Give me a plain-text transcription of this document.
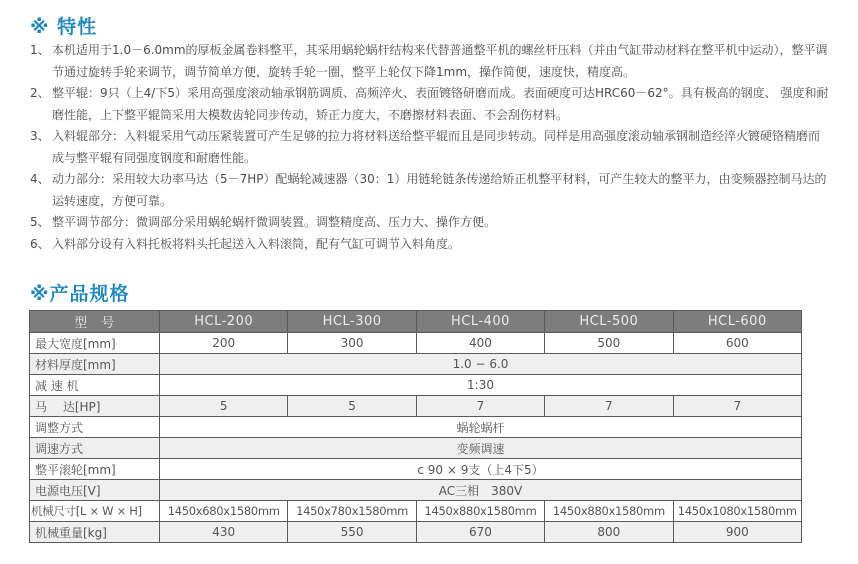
※ 特性
1、 本机适用于1.0－6.0mm的厚板金属卷料整平，其采用蜗轮蜗杆结构来代替普通整平机的螺丝杆压料（并由气缸带动材料在整平机中运动），整平调节通过旋转手轮来调节，调节简单方便，旋转手轮一圈，整平上轮仅下降1mm，操作简便，速度快，精度高。
2、 整平辊：9只（上4/下5）采用高强度滚动轴承钢筋调质、高频淬火、表面镀铬研磨而成。表面硬度可达HRC60－62°。具有极高的钢度、 强度和耐磨性能，上下整平辊筒采用大模数齿轮同步传动，矫正力度大，不磨擦材料表面、不会刮伤材料。
3、 入料辊部分：入料辊采用气动压紧装置可产生足够的拉力将材料送给整平辊而且是同步转动。同样是用高强度滚动轴承钢制造经淬火镀硬铬精磨而成与整平辊有同强度钢度和耐磨性能。
4、 动力部分：采用较大功率马达（5－7HP）配蜗轮减速器（30：1）用链轮链条传递给矫正机整平材料，可产生较大的整平力，由变频器控制马达的运转速度，方便可靠。
5、 整平调节部分：微调部分采用蜗轮蜗杆微调装置。调整精度高、压力大、操作方便。
6、 入料部分设有入料托板将料头托起送入入料滚筒，配有气缸可调节入料角度。
※产品规格
型　号	HCL-200	HCL-300	HCL-400	HCL-500	HCL-600
最大宽度[mm]	200	300	400	500	600
材料厚度[mm]	1.0 − 6.0				
减 速 机	1:30				
马　 达[HP]	5	5	7	7	7
调整方式	蜗轮蜗杆				
调速方式	变频调速				
整平滚轮[mm]	c 90 × 9支（上4下5）				
电源电压[V]	AC三相　380V				
机械尺寸[L × W × H]	1450x680x1580mm	1450x780x1580mm	1450x880x1580mm	1450x880x1580mm	1450x1080x1580mm
机械重量[kg]	430	550	670	800	900
